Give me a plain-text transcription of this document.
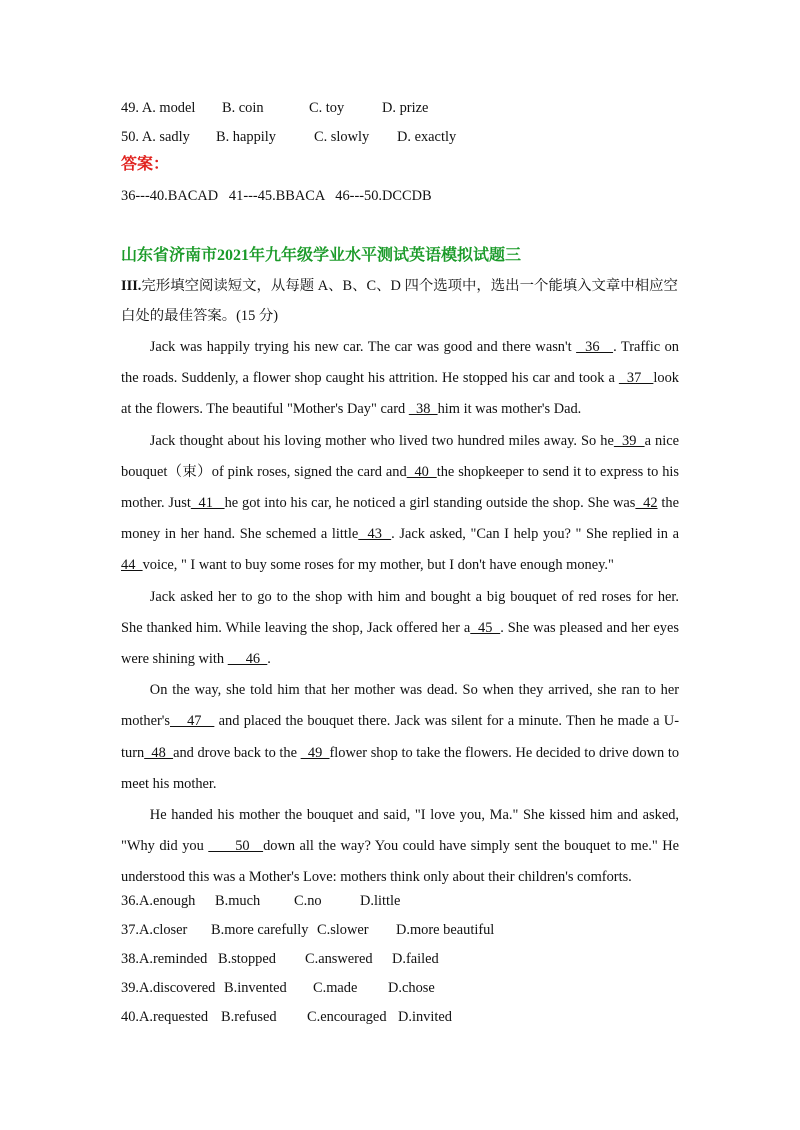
49. A. model B. coin	C. toy	D. prize
50. A. sadly B. happily	C. slowly D. exactly
答案：
36---40.BACAD   41---45.BBACA   46---50.DCCDB
山东省济南市2021年九年级学业水平测试英语模拟试题三
III.完形填空阅读短文，从每题 A、B、C、D 四个选项中，选出一个能填入文章中相应空
白处的最佳答案。(15 分)

Jack was happily trying his new car. The car was good and there wasn't   36   . Traffic on the roads. Suddenly, a flower shop caught his attrition. He stopped his car and took a   37   look at the flowers. The beautiful "Mother's Day" card   38  him it was mother's Dad.

Jack thought about his loving mother who lived two hundred miles away. So he  39  a nice bouquet（束）of pink roses, signed the card and  40  the shopkeeper to send it to express to his mother. Just  41   he got into his car, he noticed a girl standing outside the shop. She was  42 the money in her hand. She schemed a little  43  . Jack asked, "Can I help you? " She replied in a 44  voice, " I want to buy some roses for my mother, but I don't have enough money."

Jack asked her to go to the shop with him and bought a big bouquet of red roses for her. She thanked him. While leaving the shop, Jack offered her a  45  . She was pleased and her eyes were shining with      46  .

On the way, she told him that her mother was dead. So when they arrived, she ran to her mother's    47    and placed the bouquet there. Jack was silent for a minute. Then he made a U-turn  48  and drove back to the   49  flower shop to take the flowers. He decided to drive down to meet his mother.

He handed his mother the bouquet and said, "I love you, Ma." She kissed him and asked, "Why did you       50   down all the way? You could have simply sent the bouquet to me." He understood this was a Mother's Love: mothers think only about their children's comforts.

36.A.enough B.much C.no	D.little
37.A.closer B.more carefully C.slower D.more beautiful
38.A.reminded B.stopped C.answered D.failed
39.A.discovered B.invented C.made D.chose
40.A.requested B.refused C.encouraged D.invited
